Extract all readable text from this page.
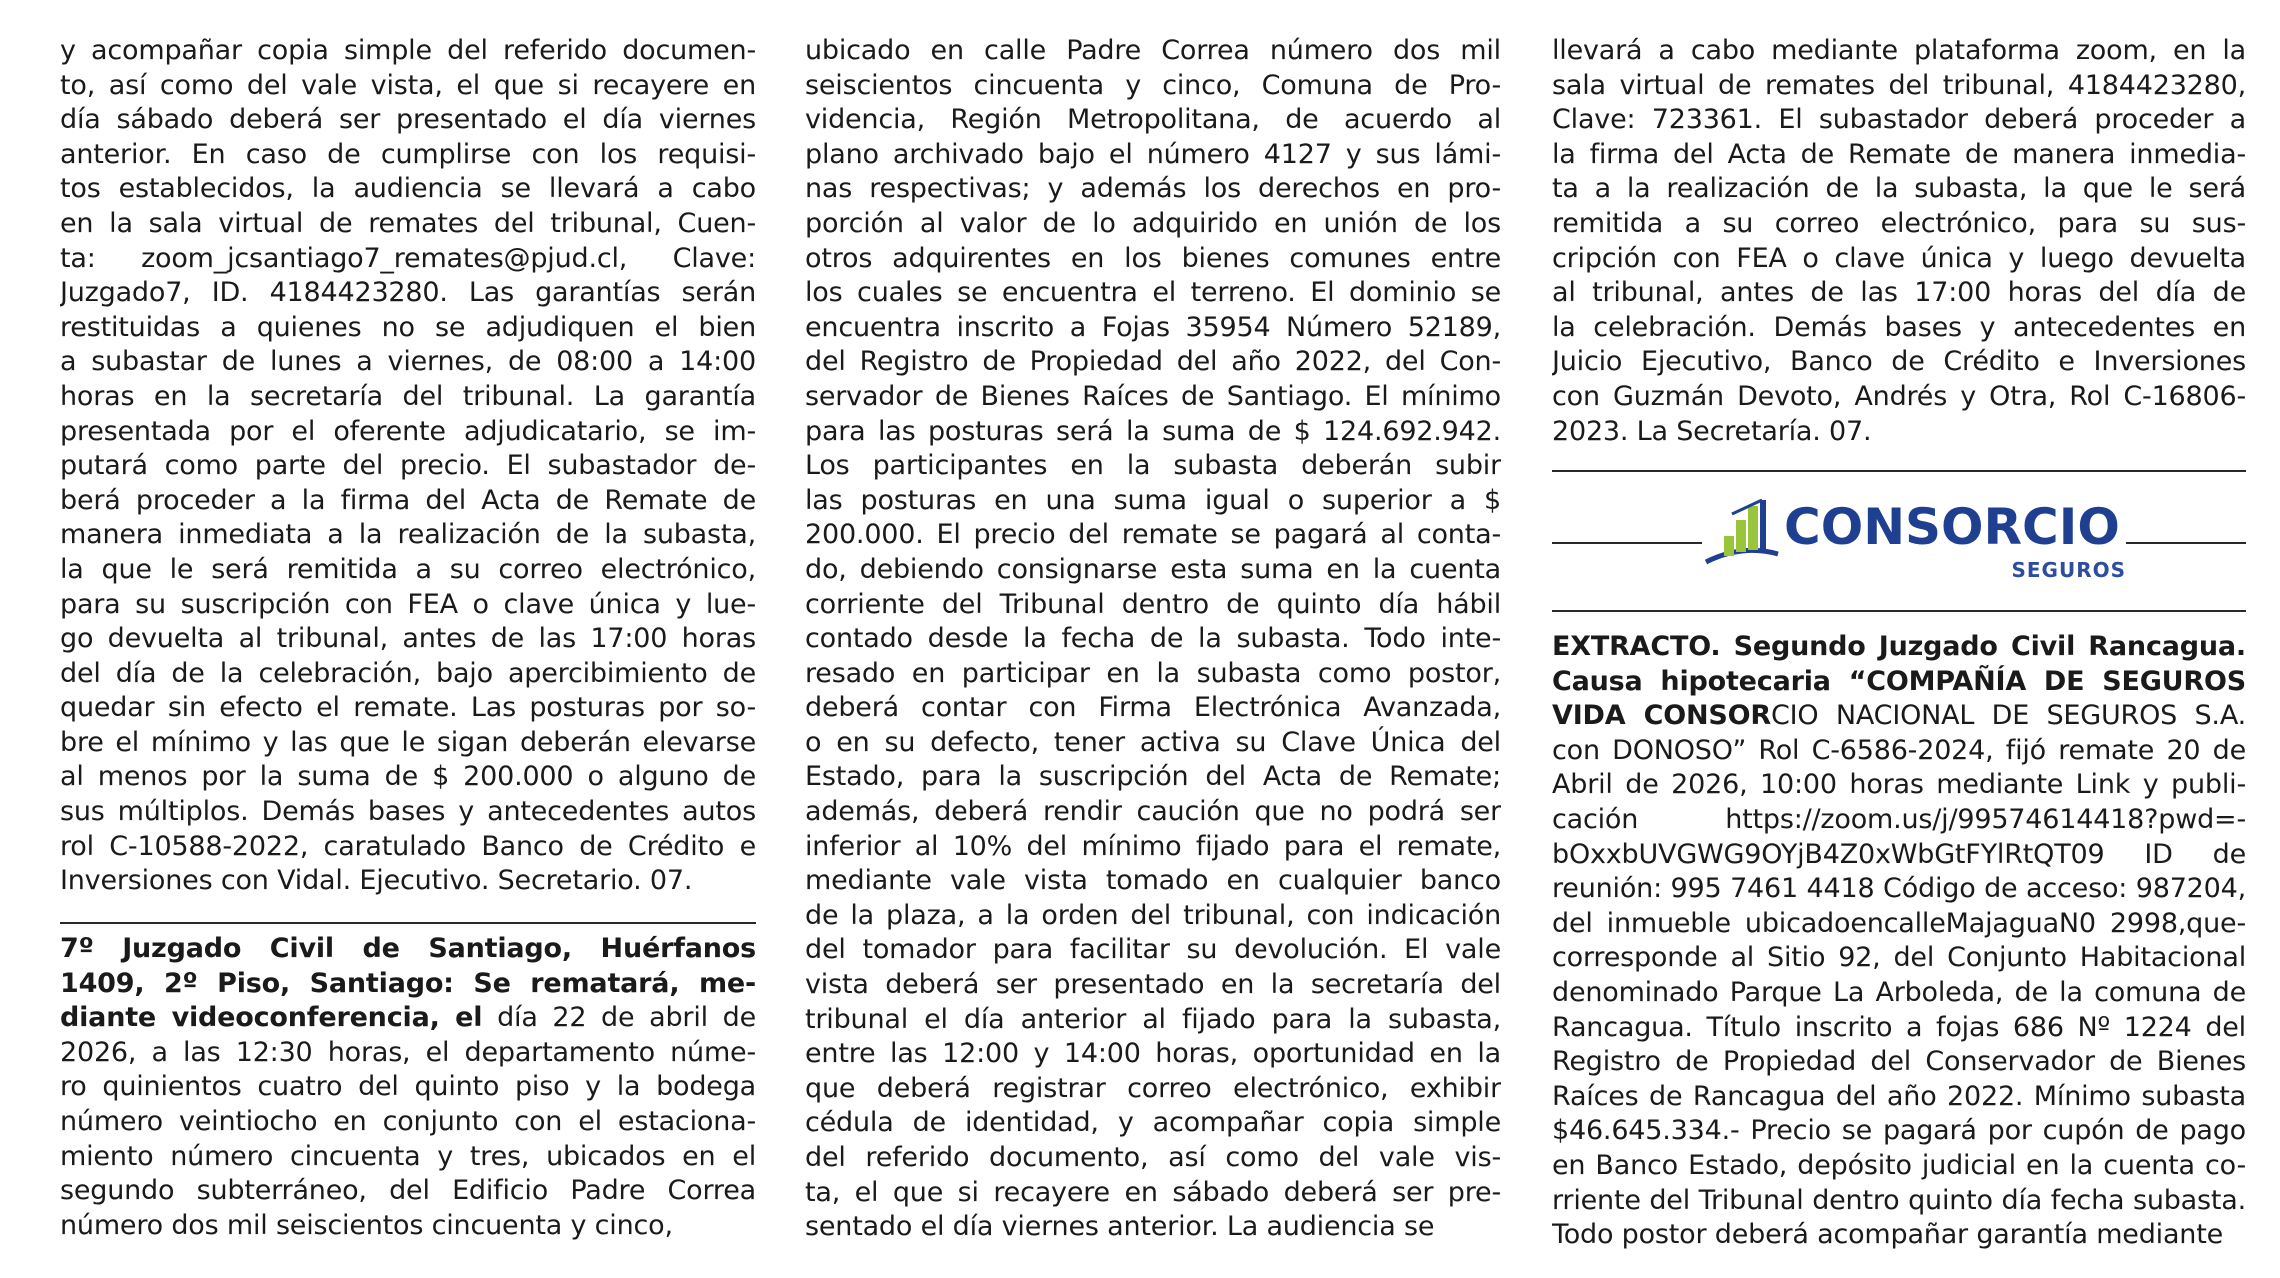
y acompañar copia simple del referido documen-

to, así como del vale vista, el que si recayere en

día sábado deberá ser presentado el día viernes

anterior. En caso de cumplirse con los requisi-

tos establecidos, la audiencia se llevará a cabo

en la sala virtual de remates del tribunal, Cuen-

ta: zoom_jcsantiago7_remates@pjud.cl, Clave:

Juzgado7, ID. 4184423280. Las garantías serán

restituidas a quienes no se adjudiquen el bien

a subastar de lunes a viernes, de 08:00 a 14:00

horas en la secretaría del tribunal. La garantía

presentada por el oferente adjudicatario, se im-

putará como parte del precio. El subastador de-

berá proceder a la firma del Acta de Remate de

manera inmediata a la realización de la subasta,

la que le será remitida a su correo electrónico,

para su suscripción con FEA o clave única y lue-

go devuelta al tribunal, antes de las 17:00 horas

del día de la celebración, bajo apercibimiento de

quedar sin efecto el remate. Las posturas por so-

bre el mínimo y las que le sigan deberán elevarse

al menos por la suma de $ 200.000 o alguno de

sus múltiplos. Demás bases y antecedentes autos

rol C-10588-2022, caratulado Banco de Crédito e

Inversiones con Vidal. Ejecutivo. Secretario. 07.

7º Juzgado Civil de Santiago, Huérfanos

1409, 2º Piso, Santiago: Se rematará, me-

diante videoconferencia, el día 22 de abril de

2026, a las 12:30 horas, el departamento núme-

ro quinientos cuatro del quinto piso y la bodega

número veintiocho en conjunto con el estaciona-

miento número cincuenta y tres, ubicados en el

segundo subterráneo, del Edificio Padre Correa

número dos mil seiscientos cincuenta y cinco,

ubicado en calle Padre Correa número dos mil

seiscientos cincuenta y cinco, Comuna de Pro-

videncia, Región Metropolitana, de acuerdo al

plano archivado bajo el número 4127 y sus lámi-

nas respectivas; y además los derechos en pro-

porción al valor de lo adquirido en unión de los

otros adquirentes en los bienes comunes entre

los cuales se encuentra el terreno. El dominio se

encuentra inscrito a Fojas 35954 Número 52189,

del Registro de Propiedad del año 2022, del Con-

servador de Bienes Raíces de Santiago. El mínimo

para las posturas será la suma de $ 124.692.942.

Los participantes en la subasta deberán subir

las posturas en una suma igual o superior a $

200.000. El precio del remate se pagará al conta-

do, debiendo consignarse esta suma en la cuenta

corriente del Tribunal dentro de quinto día hábil

contado desde la fecha de la subasta. Todo inte-

resado en participar en la subasta como postor,

deberá contar con Firma Electrónica Avanzada,

o en su defecto, tener activa su Clave Única del

Estado, para la suscripción del Acta de Remate;

además, deberá rendir caución que no podrá ser

inferior al 10% del mínimo fijado para el remate,

mediante vale vista tomado en cualquier banco

de la plaza, a la orden del tribunal, con indicación

del tomador para facilitar su devolución. El vale

vista deberá ser presentado en la secretaría del

tribunal el día anterior al fijado para la subasta,

entre las 12:00 y 14:00 horas, oportunidad en la

que deberá registrar correo electrónico, exhibir

cédula de identidad, y acompañar copia simple

del referido documento, así como del vale vis-

ta, el que si recayere en sábado deberá ser pre-

sentado el día viernes anterior. La audiencia se

llevará a cabo mediante plataforma zoom, en la

sala virtual de remates del tribunal, 4184423280,

Clave: 723361. El subastador deberá proceder a

la firma del Acta de Remate de manera inmedia-

ta a la realización de la subasta, la que le será

remitida a su correo electrónico, para su sus-

cripción con FEA o clave única y luego devuelta

al tribunal, antes de las 17:00 horas del día de

la celebración. Demás bases y antecedentes en

Juicio Ejecutivo, Banco de Crédito e Inversiones

con Guzmán Devoto, Andrés y Otra, Rol C-16806-

2023. La Secretaría. 07.

CONSORCIO
SEGUROS

EXTRACTO. Segundo Juzgado Civil Rancagua.

Causa hipotecaria “COMPAÑÍA DE SEGUROS

VIDA CONSORCIO NACIONAL DE SEGUROS S.A.

con DONOSO” Rol C-6586-2024, fijó remate 20 de

Abril de 2026, 10:00 horas mediante Link y publi-

cación https://zoom.us/j/99574614418?pwd=-

bOxxbUVGWG9OYjB4Z0xWbGtFYlRtQT09 ID de

reunión: 995 7461 4418 Código de acceso: 987204,

del inmueble ubicadoencalleMajaguaN0 2998,que-

corresponde al Sitio 92, del Conjunto Habitacional

denominado Parque La Arboleda, de la comuna de

Rancagua. Título inscrito a fojas 686 Nº 1224 del

Registro de Propiedad del Conservador de Bienes

Raíces de Rancagua del año 2022. Mínimo subasta

$46.645.334.- Precio se pagará por cupón de pago

en Banco Estado, depósito judicial en la cuenta co-

rriente del Tribunal dentro quinto día fecha subasta.

Todo postor deberá acompañar garantía mediante
